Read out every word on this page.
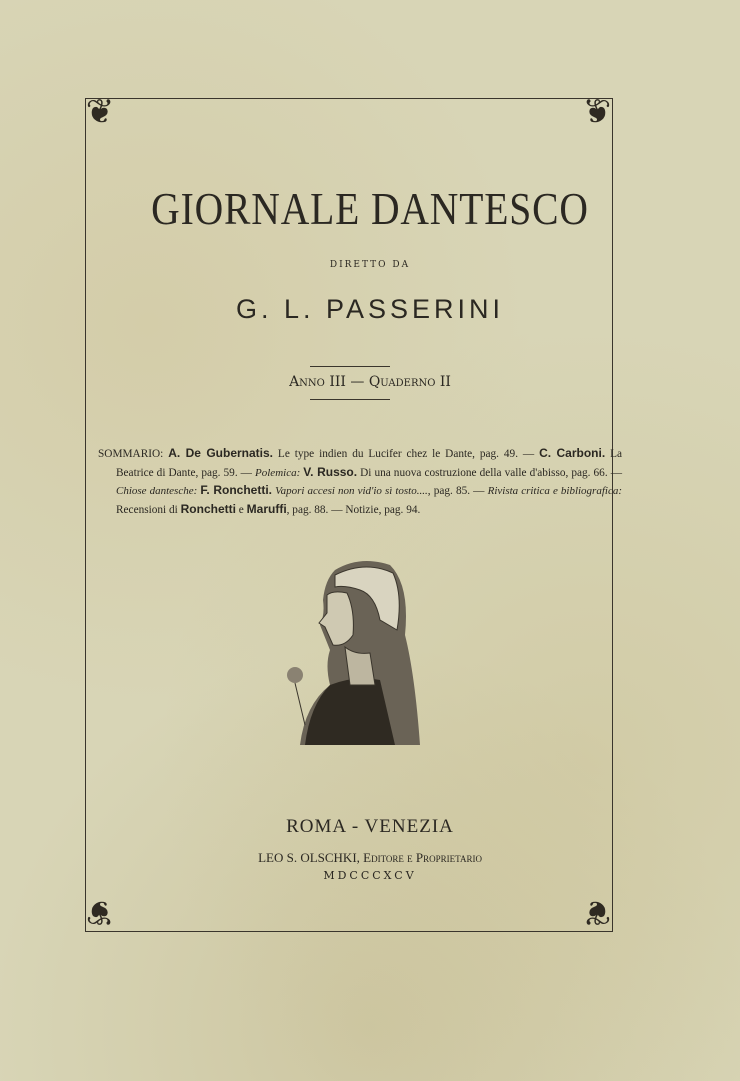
❦	❦
❦	❦
GIORNALE DANTESCO
DIRETTO DA
G. L. PASSERINI
Anno III — Quaderno II
SOMMARIO: A. De Gubernatis. Le type indien du Lucifer chez le Dante, pag. 49. — C. Carboni. La Beatrice di Dante, pag. 59. — Polemica: V. Russo. Di una nuova costruzione della valle d'abisso, pag. 66. — Chiose dantesche: F. Ronchetti. Vapori accesi non vid'io sì tosto...., pag. 85. — Rivista critica e bibliografica: Recensioni di Ronchetti e Maruffi, pag. 88. — Notizie, pag. 94.
ROMA - VENEZIA
LEO S. OLSCHKI, Editore e Proprietario
MDCCCXCV
